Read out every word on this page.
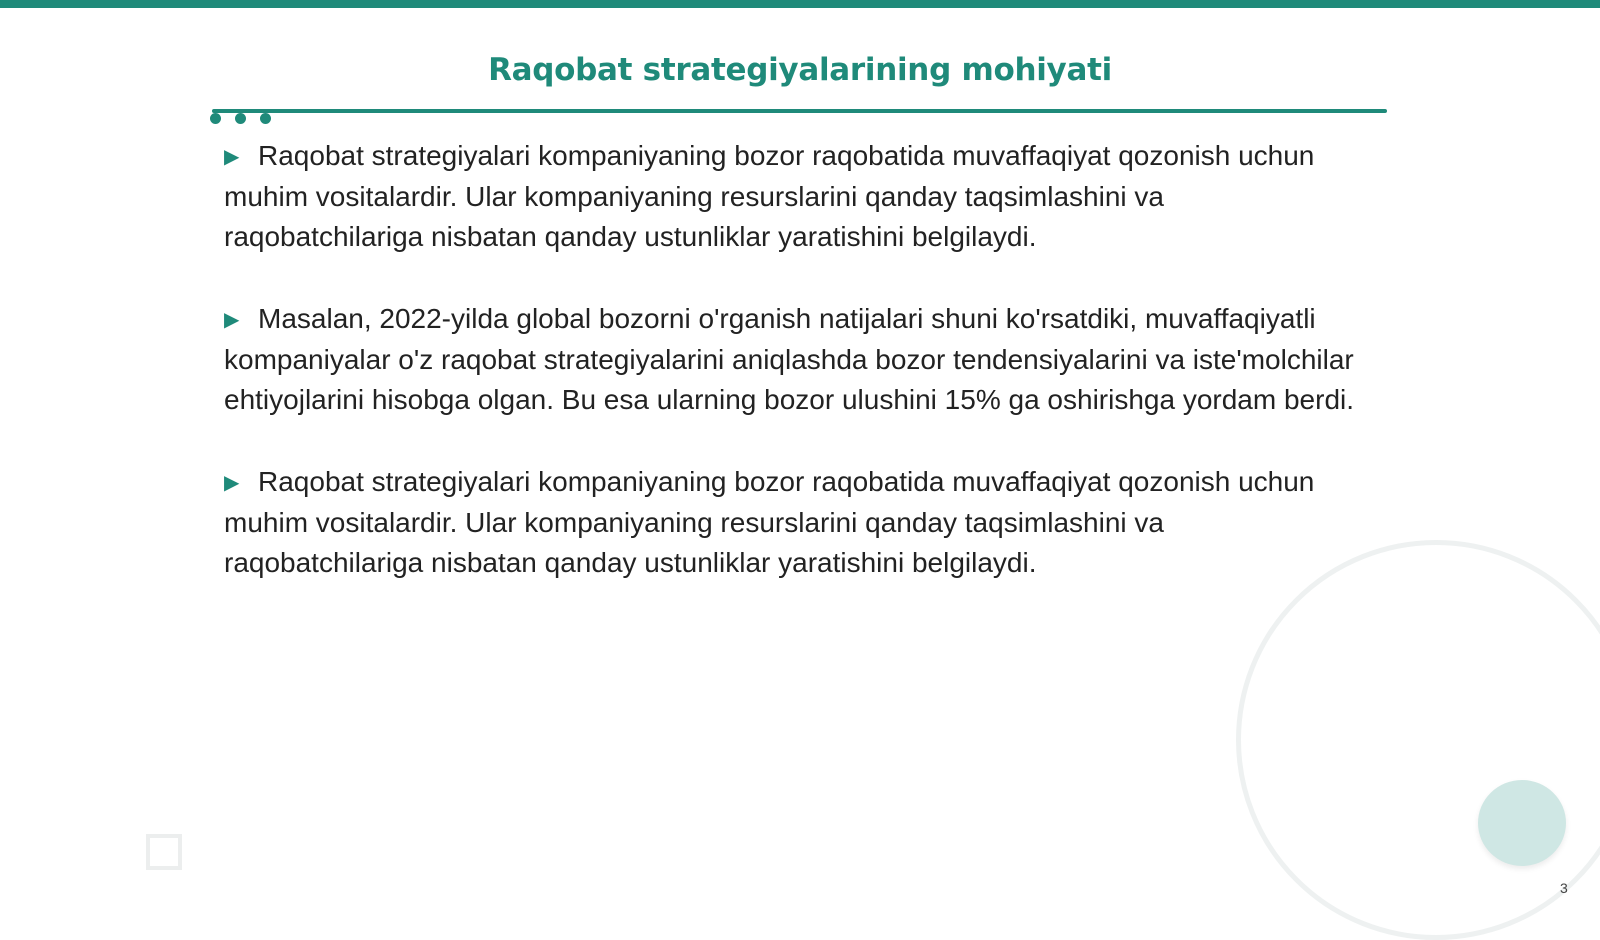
Raqobat strategiyalarining mohiyati

▶ Raqobat strategiyalari kompaniyaning bozor raqobatida muvaffaqiyat qozonish uchun muhim vositalardir. Ular kompaniyaning resurslarini qanday taqsimlashini va raqobatchilariga nisbatan qanday ustunliklar yaratishini belgilaydi.

▶ Masalan, 2022-yilda global bozorni o'rganish natijalari shuni ko'rsatdiki, muvaffaqiyatli kompaniyalar o'z raqobat strategiyalarini aniqlashda bozor tendensiyalarini va iste'molchilar ehtiyojlarini hisobga olgan. Bu esa ularning bozor ulushini 15% ga oshirishga yordam berdi.

▶ Raqobat strategiyalari kompaniyaning bozor raqobatida muvaffaqiyat qozonish uchun muhim vositalardir. Ular kompaniyaning resurslarini qanday taqsimlashini va raqobatchilariga nisbatan qanday ustunliklar yaratishini belgilaydi.

3
